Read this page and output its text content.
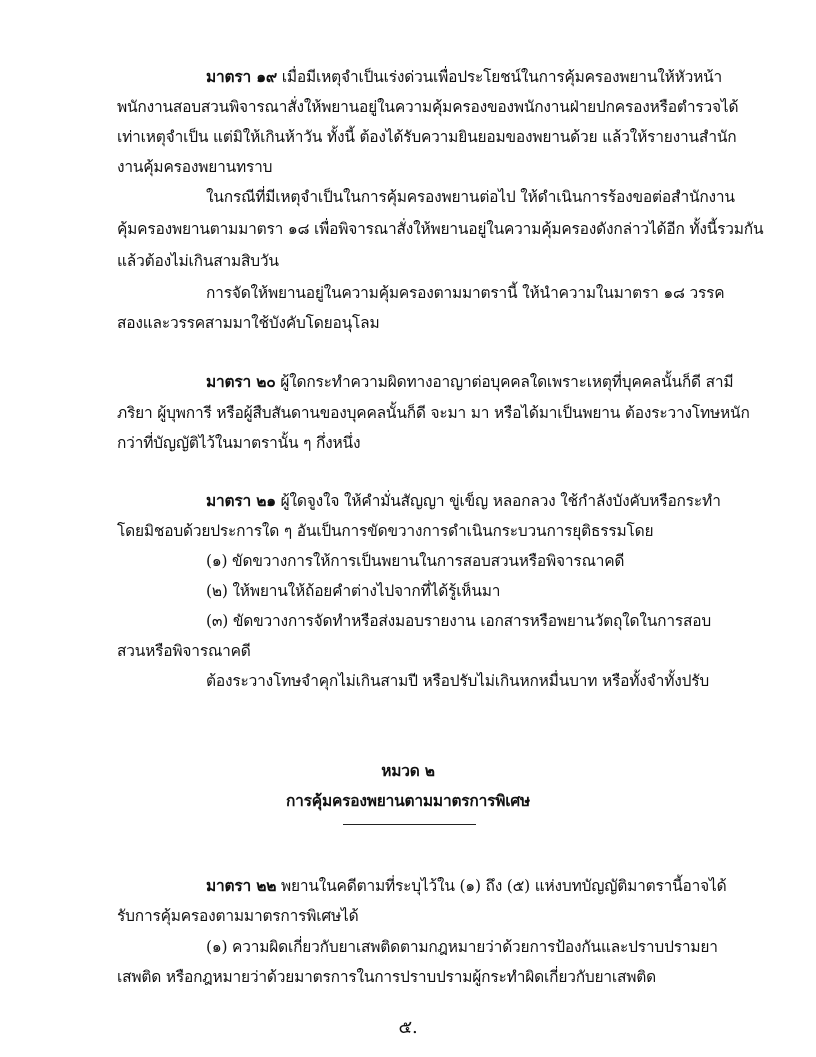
มาตรา ๑๙ เมื่อมีเหตุจำเป็นเร่งด่วนเพื่อประโยชน์ในการคุ้มครองพยานให้หัวหน้า
พนักงานสอบสวนพิจารณาสั่งให้พยานอยู่ในความคุ้มครองของพนักงานฝ่ายปกครองหรือตำรวจได้
เท่าเหตุจำเป็น แต่มิให้เกินห้าวัน ทั้งนี้ ต้องได้รับความยินยอมของพยานด้วย แล้วให้รายงานสำนัก
งานคุ้มครองพยานทราบ
ในกรณีที่มีเหตุจำเป็นในการคุ้มครองพยานต่อไป ให้ดำเนินการร้องขอต่อสำนักงาน
คุ้มครองพยานตามมาตรา ๑๘ เพื่อพิจารณาสั่งให้พยานอยู่ในความคุ้มครองดังกล่าวได้อีก ทั้งนี้รวมกัน
แล้วต้องไม่เกินสามสิบวัน
การจัดให้พยานอยู่ในความคุ้มครองตามมาตรานี้ ให้นำความในมาตรา ๑๘ วรรค
สองและวรรคสามมาใช้บังคับโดยอนุโลม
มาตรา ๒๐ ผู้ใดกระทำความผิดทางอาญาต่อบุคคลใดเพราะเหตุที่บุคคลนั้นก็ดี สามี
ภริยา ผู้บุพการี หรือผู้สืบสันดานของบุคคลนั้นก็ดี จะมา มา หรือได้มาเป็นพยาน ต้องระวางโทษหนัก
กว่าที่บัญญัติไว้ในมาตรานั้น ๆ กึ่งหนึ่ง
มาตรา ๒๑ ผู้ใดจูงใจ ให้คำมั่นสัญญา ขู่เข็ญ หลอกลวง ใช้กำลังบังคับหรือกระทำ
โดยมิชอบด้วยประการใด ๆ อันเป็นการขัดขวางการดำเนินกระบวนการยุติธรรมโดย
(๑) ขัดขวางการให้การเป็นพยานในการสอบสวนหรือพิจารณาคดี
(๒) ให้พยานให้ถ้อยคำต่างไปจากที่ได้รู้เห็นมา
(๓) ขัดขวางการจัดทำหรือส่งมอบรายงาน เอกสารหรือพยานวัตถุใดในการสอบ
สวนหรือพิจารณาคดี
ต้องระวางโทษจำคุกไม่เกินสามปี หรือปรับไม่เกินหกหมื่นบาท หรือทั้งจำทั้งปรับ
หมวด ๒
การคุ้มครองพยานตามมาตรการพิเศษ
มาตรา ๒๒ พยานในคดีตามที่ระบุไว้ใน (๑) ถึง (๕) แห่งบทบัญญัติมาตรานี้อาจได้
รับการคุ้มครองตามมาตรการพิเศษได้
(๑) ความผิดเกี่ยวกับยาเสพติดตามกฎหมายว่าด้วยการป้องกันและปราบปรามยา
เสพติด หรือกฎหมายว่าด้วยมาตรการในการปราบปรามผู้กระทำผิดเกี่ยวกับยาเสพติด
๕.
